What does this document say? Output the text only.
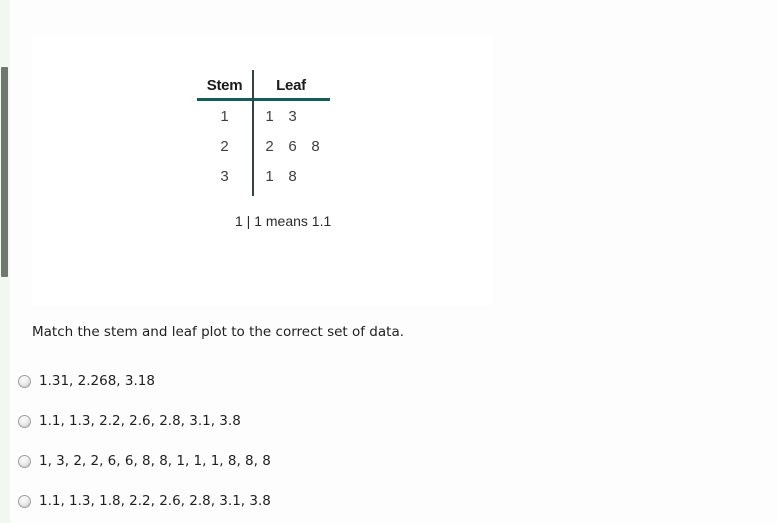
Stem	Leaf
1	1 3
2	2 6 8
3	1 8
1 | 1 means 1.1
Match the stem and leaf plot to the correct set of data.
1.31, 2.268, 3.18
1.1, 1.3, 2.2, 2.6, 2.8, 3.1, 3.8
1, 3, 2, 2, 6, 6, 8, 8, 1, 1, 1, 8, 8, 8
1.1, 1.3, 1.8, 2.2, 2.6, 2.8, 3.1, 3.8
